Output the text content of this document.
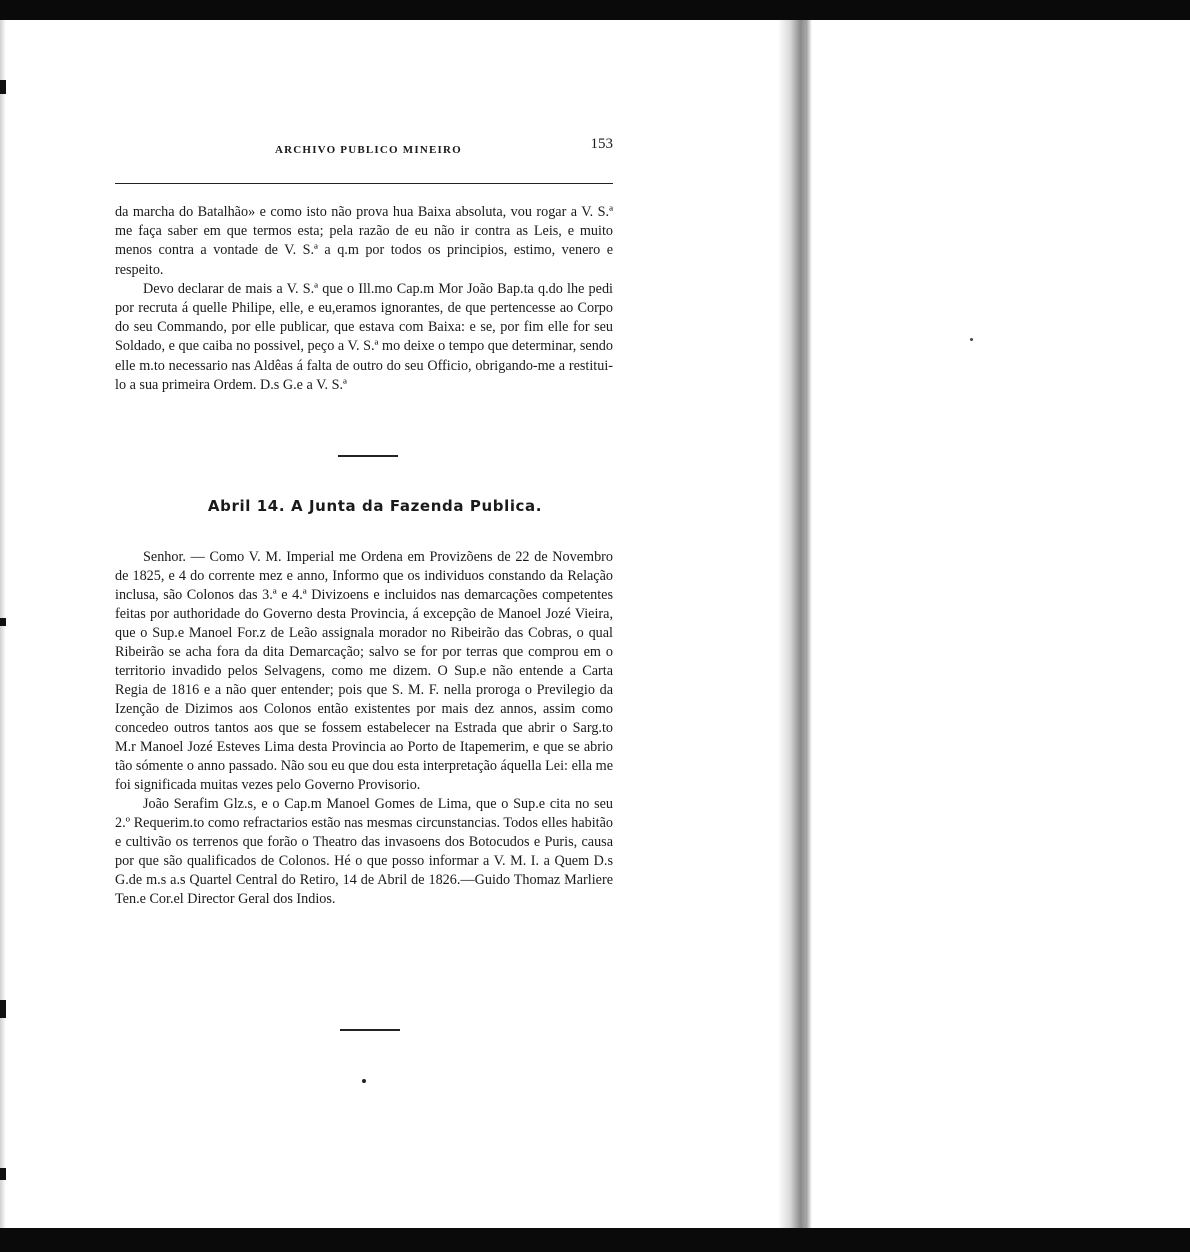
ARCHIVO PUBLICO MINEIRO	153

da marcha do Batalhão» e como isto não prova hua Baixa absoluta, vou rogar a V. S.ª me faça saber em que termos esta; pela razão de eu não ir contra as Leis, e muito menos contra a vontade de V. S.ª a q.m por todos os principios, estimo, venero e respeito.

Devo declarar de mais a V. S.ª que o Ill.mo Cap.m Mor João Bap.ta q.do lhe pedi por recruta á quelle Philipe, elle, e eu,eramos ignorantes, de que pertencesse ao Corpo do seu Commando, por elle publicar, que estava com Baixa: e se, por fim elle for seu Soldado, e que caiba no possivel, peço a V. S.ª mo deixe o tempo que determinar, sendo elle m.to necessario nas Aldêas á falta de outro do seu Officio, obrigando-me a restitui-lo a sua primeira Ordem. D.s G.e a V. S.ª

Abril 14. A Junta da Fazenda Publica.

Senhor. — Como V. M. Imperial me Ordena em Provizõens de 22 de Novembro de 1825, e 4 do corrente mez e anno, Informo que os individuos constando da Relação inclusa, são Colonos das 3.ª e 4.ª Divizoens e incluidos nas demarcações competentes feitas por authoridade do Governo desta Provincia, á excepção de Manoel Jozé Vieira, que o Sup.e Manoel For.z de Leão assignala morador no Ribeirão das Cobras, o qual Ribeirão se acha fora da dita Demarcação; salvo se for por terras que comprou em o territorio invadido pelos Selvagens, como me dizem. O Sup.e não entende a Carta Regia de 1816 e a não quer entender; pois que S. M. F. nella proroga o Previlegio da Izenção de Dizimos aos Colonos então existentes por mais dez annos, assim como concedeo outros tantos aos que se fossem estabelecer na Estrada que abrir o Sarg.to M.r Manoel Jozé Esteves Lima desta Provincia ao Porto de Itapemerim, e que se abrio tão sómente o anno passado. Não sou eu que dou esta interpretação áquella Lei: ella me foi significada muitas vezes pelo Governo Provisorio.

João Serafim Glz.s, e o Cap.m Manoel Gomes de Lima, que o Sup.e cita no seu 2.º Requerim.to como refractarios estão nas mesmas circunstancias. Todos elles habitão e cultivão os terrenos que forão o Theatro das invasoens dos Botocudos e Puris, causa por que são qualificados de Colonos. Hé o que posso informar a V. M. I. a Quem D.s G.de m.s a.s Quartel Central do Retiro, 14 de Abril de 1826.—Guido Thomaz Marliere Ten.e Cor.el Director Geral dos Indios.
